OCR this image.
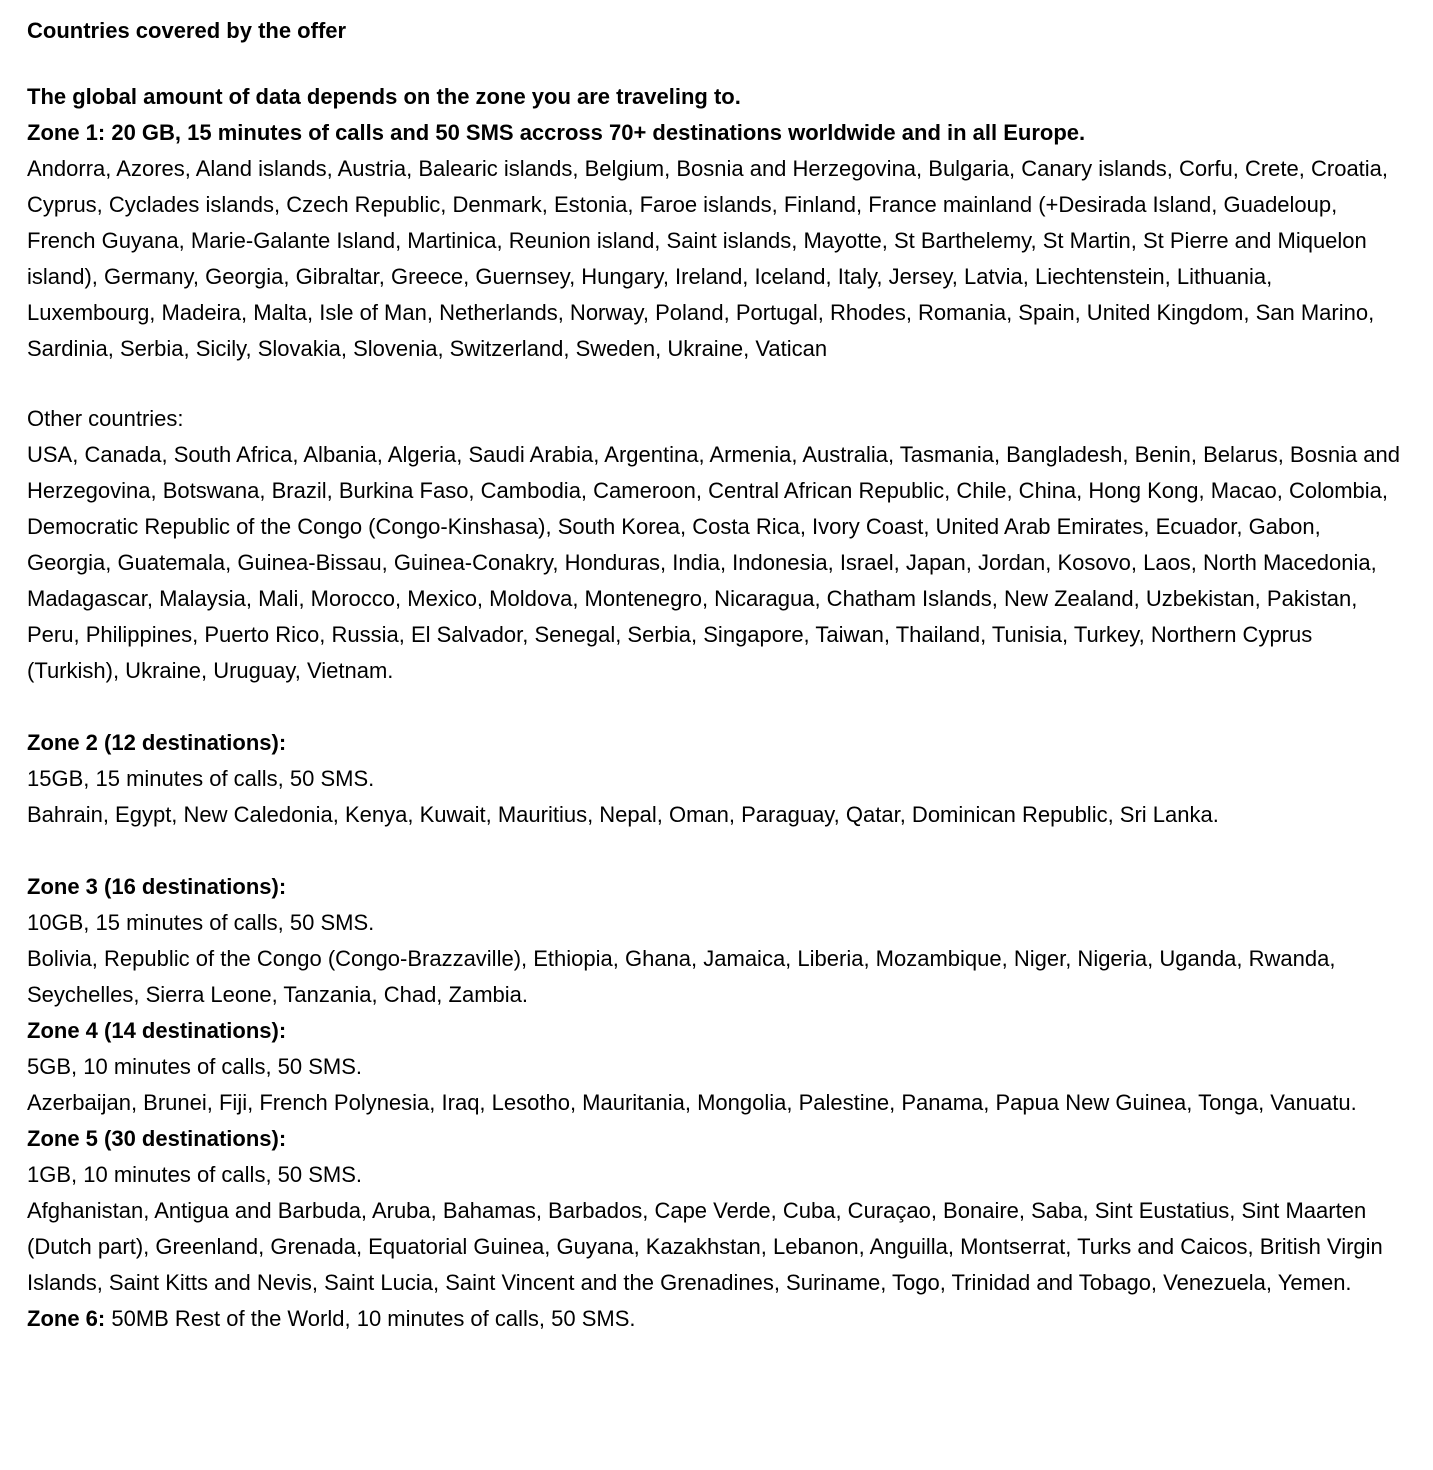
Countries covered by the offer

The global amount of data depends on the zone you are traveling to.
Zone 1: 20 GB, 15 minutes of calls and 50 SMS accross 70+ destinations worldwide and in all Europe.
Andorra, Azores, Aland islands, Austria, Balearic islands, Belgium, Bosnia and Herzegovina, Bulgaria, Canary islands, Corfu, Crete, Croatia, Cyprus, Cyclades islands, Czech Republic, Denmark, Estonia, Faroe islands, Finland, France mainland (+Desirada Island, Guadeloup, French Guyana, Marie-Galante Island, Martinica, Reunion island, Saint islands, Mayotte, St Barthelemy, St Martin, St Pierre and Miquelon island), Germany, Georgia, Gibraltar, Greece, Guernsey, Hungary, Ireland, Iceland, Italy, Jersey, Latvia, Liechtenstein, Lithuania, Luxembourg, Madeira, Malta, Isle of Man, Netherlands, Norway, Poland, Portugal, Rhodes, Romania, Spain, United Kingdom, San Marino, Sardinia, Serbia, Sicily, Slovakia, Slovenia, Switzerland, Sweden, Ukraine, Vatican

Other countries:
USA, Canada, South Africa, Albania, Algeria, Saudi Arabia, Argentina, Armenia, Australia, Tasmania, Bangladesh, Benin, Belarus, Bosnia and Herzegovina, Botswana, Brazil, Burkina Faso, Cambodia, Cameroon, Central African Republic, Chile, China, Hong Kong, Macao, Colombia, Democratic Republic of the Congo (Congo-Kinshasa), South Korea, Costa Rica, Ivory Coast, United Arab Emirates, Ecuador, Gabon, Georgia, Guatemala, Guinea-Bissau, Guinea-Conakry, Honduras, India, Indonesia, Israel, Japan, Jordan, Kosovo, Laos, North Macedonia, Madagascar, Malaysia, Mali, Morocco, Mexico, Moldova, Montenegro, Nicaragua, Chatham Islands, New Zealand, Uzbekistan, Pakistan, Peru, Philippines, Puerto Rico, Russia, El Salvador, Senegal, Serbia, Singapore, Taiwan, Thailand, Tunisia, Turkey, Northern Cyprus (Turkish), Ukraine, Uruguay, Vietnam.

Zone 2 (12 destinations):
15GB, 15 minutes of calls, 50 SMS.
Bahrain, Egypt, New Caledonia, Kenya, Kuwait, Mauritius, Nepal, Oman, Paraguay, Qatar, Dominican Republic, Sri Lanka.

Zone 3 (16 destinations):
10GB, 15 minutes of calls, 50 SMS.
Bolivia, Republic of the Congo (Congo-Brazzaville), Ethiopia, Ghana, Jamaica, Liberia, Mozambique, Niger, Nigeria, Uganda, Rwanda, Seychelles, Sierra Leone, Tanzania, Chad, Zambia.

Zone 4 (14 destinations):
5GB, 10 minutes of calls, 50 SMS.
Azerbaijan, Brunei, Fiji, French Polynesia, Iraq, Lesotho, Mauritania, Mongolia, Palestine, Panama, Papua New Guinea, Tonga, Vanuatu.

Zone 5 (30 destinations):
1GB, 10 minutes of calls, 50 SMS.
Afghanistan, Antigua and Barbuda, Aruba, Bahamas, Barbados, Cape Verde, Cuba, Curaçao, Bonaire, Saba, Sint Eustatius, Sint Maarten (Dutch part), Greenland, Grenada, Equatorial Guinea, Guyana, Kazakhstan, Lebanon, Anguilla, Montserrat, Turks and Caicos, British Virgin Islands, Saint Kitts and Nevis, Saint Lucia, Saint Vincent and the Grenadines, Suriname, Togo, Trinidad and Tobago, Venezuela, Yemen.

Zone 6: 50MB Rest of the World, 10 minutes of calls, 50 SMS.
